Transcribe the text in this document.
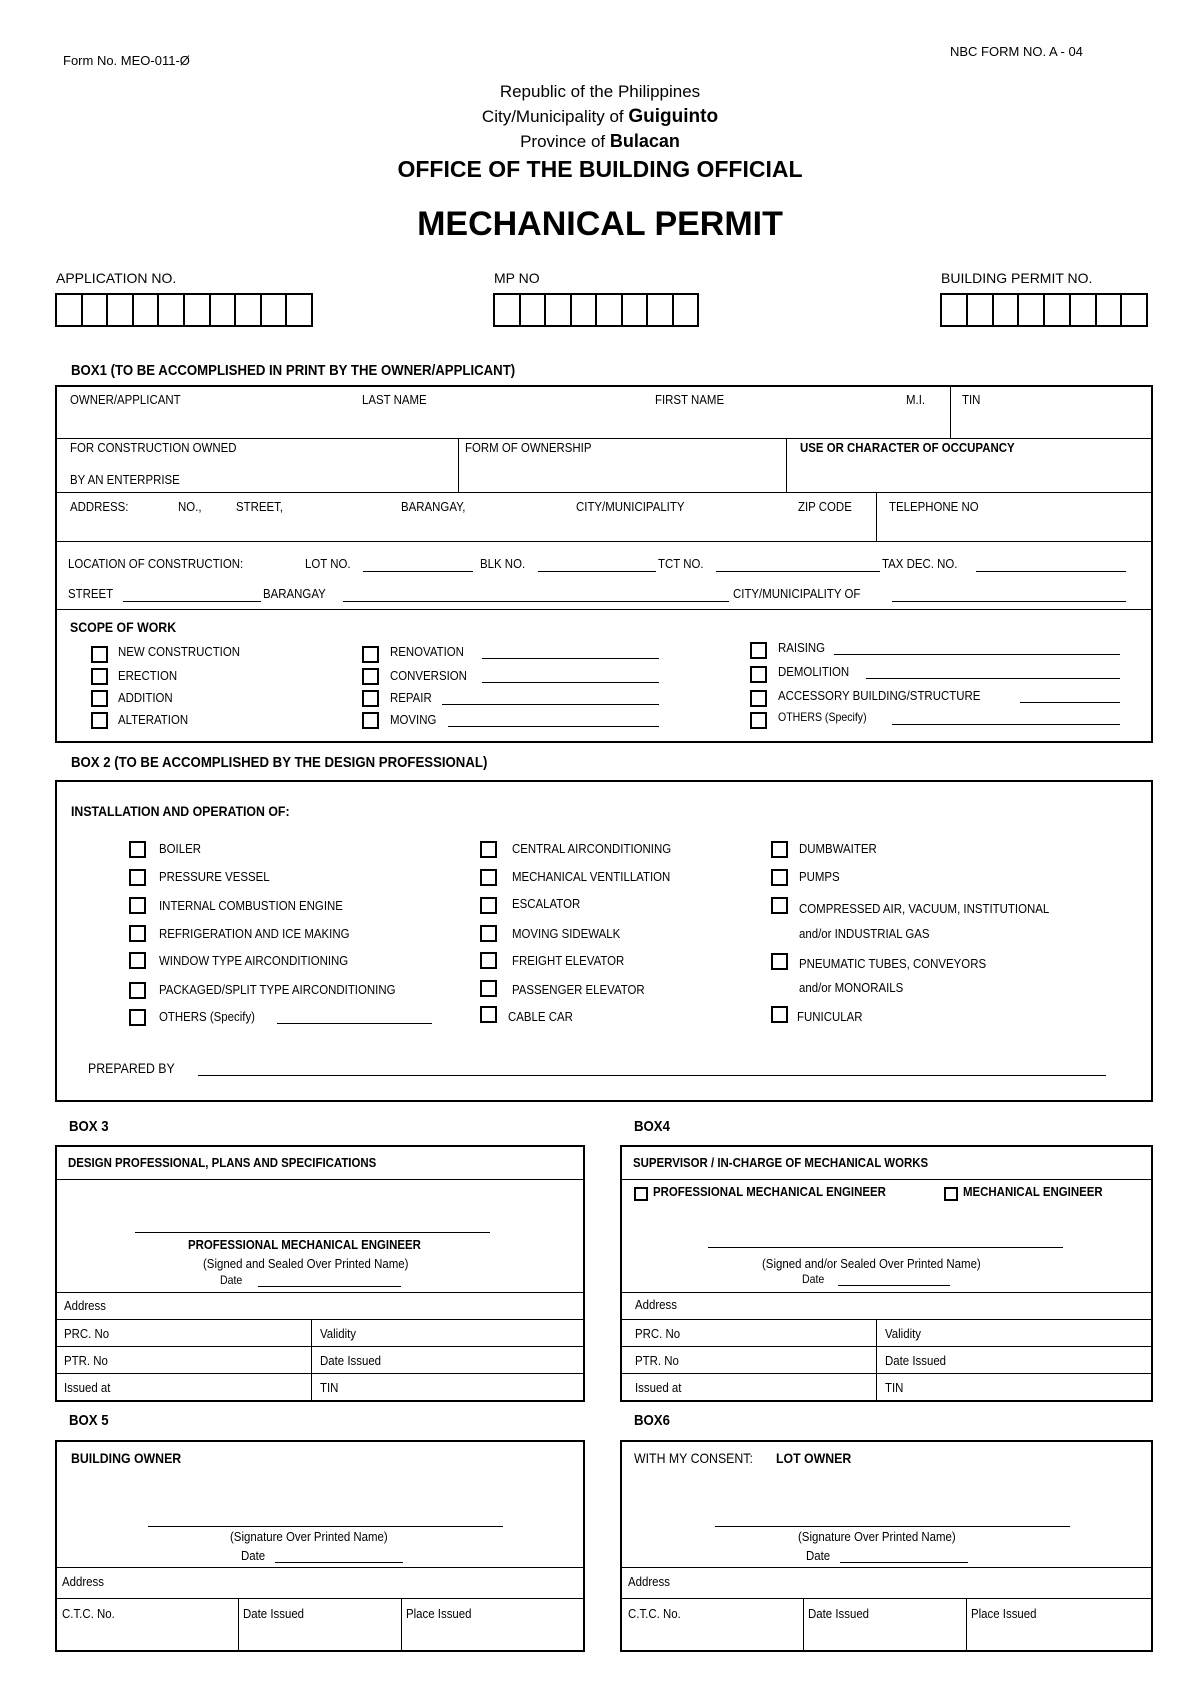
Form No. MEO-011-Ø
NBC FORM NO. A - 04
Republic of the Philippines
City/Municipality of Guiguinto
Province of Bulacan
OFFICE OF THE BUILDING OFFICIAL
MECHANICAL PERMIT
APPLICATION NO.	MP NO	BUILDING PERMIT NO.
BOX1 (TO BE ACCOMPLISHED IN PRINT BY THE OWNER/APPLICANT)
OWNER/APPLICANT	LAST NAME	FIRST NAME	M.I.	TIN
FOR CONSTRUCTION OWNED
BY AN ENTERPRISE
FORM OF OWNERSHIP	USE OR CHARACTER OF OCCUPANCY
ADDRESS:	NO.,	STREET,	BARANGAY,	CITY/MUNICIPALITY	ZIP CODE	TELEPHONE NO
LOCATION OF CONSTRUCTION:	LOT NO.	BLK NO.	TCT NO.	TAX DEC. NO.
STREET	BARANGAY	CITY/MUNICIPALITY OF
SCOPE OF WORK
NEW CONSTRUCTION
ERECTION
ADDITION
ALTERATION
RENOVATION
CONVERSION
REPAIR
MOVING
RAISING
DEMOLITION
ACCESSORY BUILDING/STRUCTURE
OTHERS (Specify)
BOX 2 (TO BE ACCOMPLISHED BY THE DESIGN PROFESSIONAL)
INSTALLATION AND OPERATION OF:
BOILER
PRESSURE VESSEL
INTERNAL COMBUSTION ENGINE
REFRIGERATION AND ICE MAKING
WINDOW TYPE AIRCONDITIONING
PACKAGED/SPLIT TYPE AIRCONDITIONING
OTHERS (Specify)
CENTRAL AIRCONDITIONING
MECHANICAL VENTILLATION
ESCALATOR
MOVING SIDEWALK
FREIGHT ELEVATOR
PASSENGER ELEVATOR
CABLE CAR
DUMBWAITER
PUMPS
COMPRESSED AIR, VACUUM, INSTITUTIONAL
and/or INDUSTRIAL GAS
PNEUMATIC TUBES, CONVEYORS
and/or MONORAILS
FUNICULAR
PREPARED BY
BOX 3
DESIGN PROFESSIONAL, PLANS AND SPECIFICATIONS
PROFESSIONAL MECHANICAL ENGINEER
(Signed and Sealed Over Printed Name)
Date
Address
PRC. No	Validity
PTR. No	Date Issued
Issued at	TIN
BOX4
SUPERVISOR / IN-CHARGE OF MECHANICAL WORKS
PROFESSIONAL MECHANICAL ENGINEER	MECHANICAL ENGINEER
(Signed and/or Sealed Over Printed Name)
Date
Address
PRC. No	Validity
PTR. No	Date Issued
Issued at	TIN
BOX 5
BUILDING OWNER
(Signature Over Printed Name)
Date
Address
C.T.C. No.	Date Issued	Place Issued
BOX6
WITH MY CONSENT: LOT OWNER
(Signature Over Printed Name)
Date
Address
C.T.C. No.	Date Issued	Place Issued
